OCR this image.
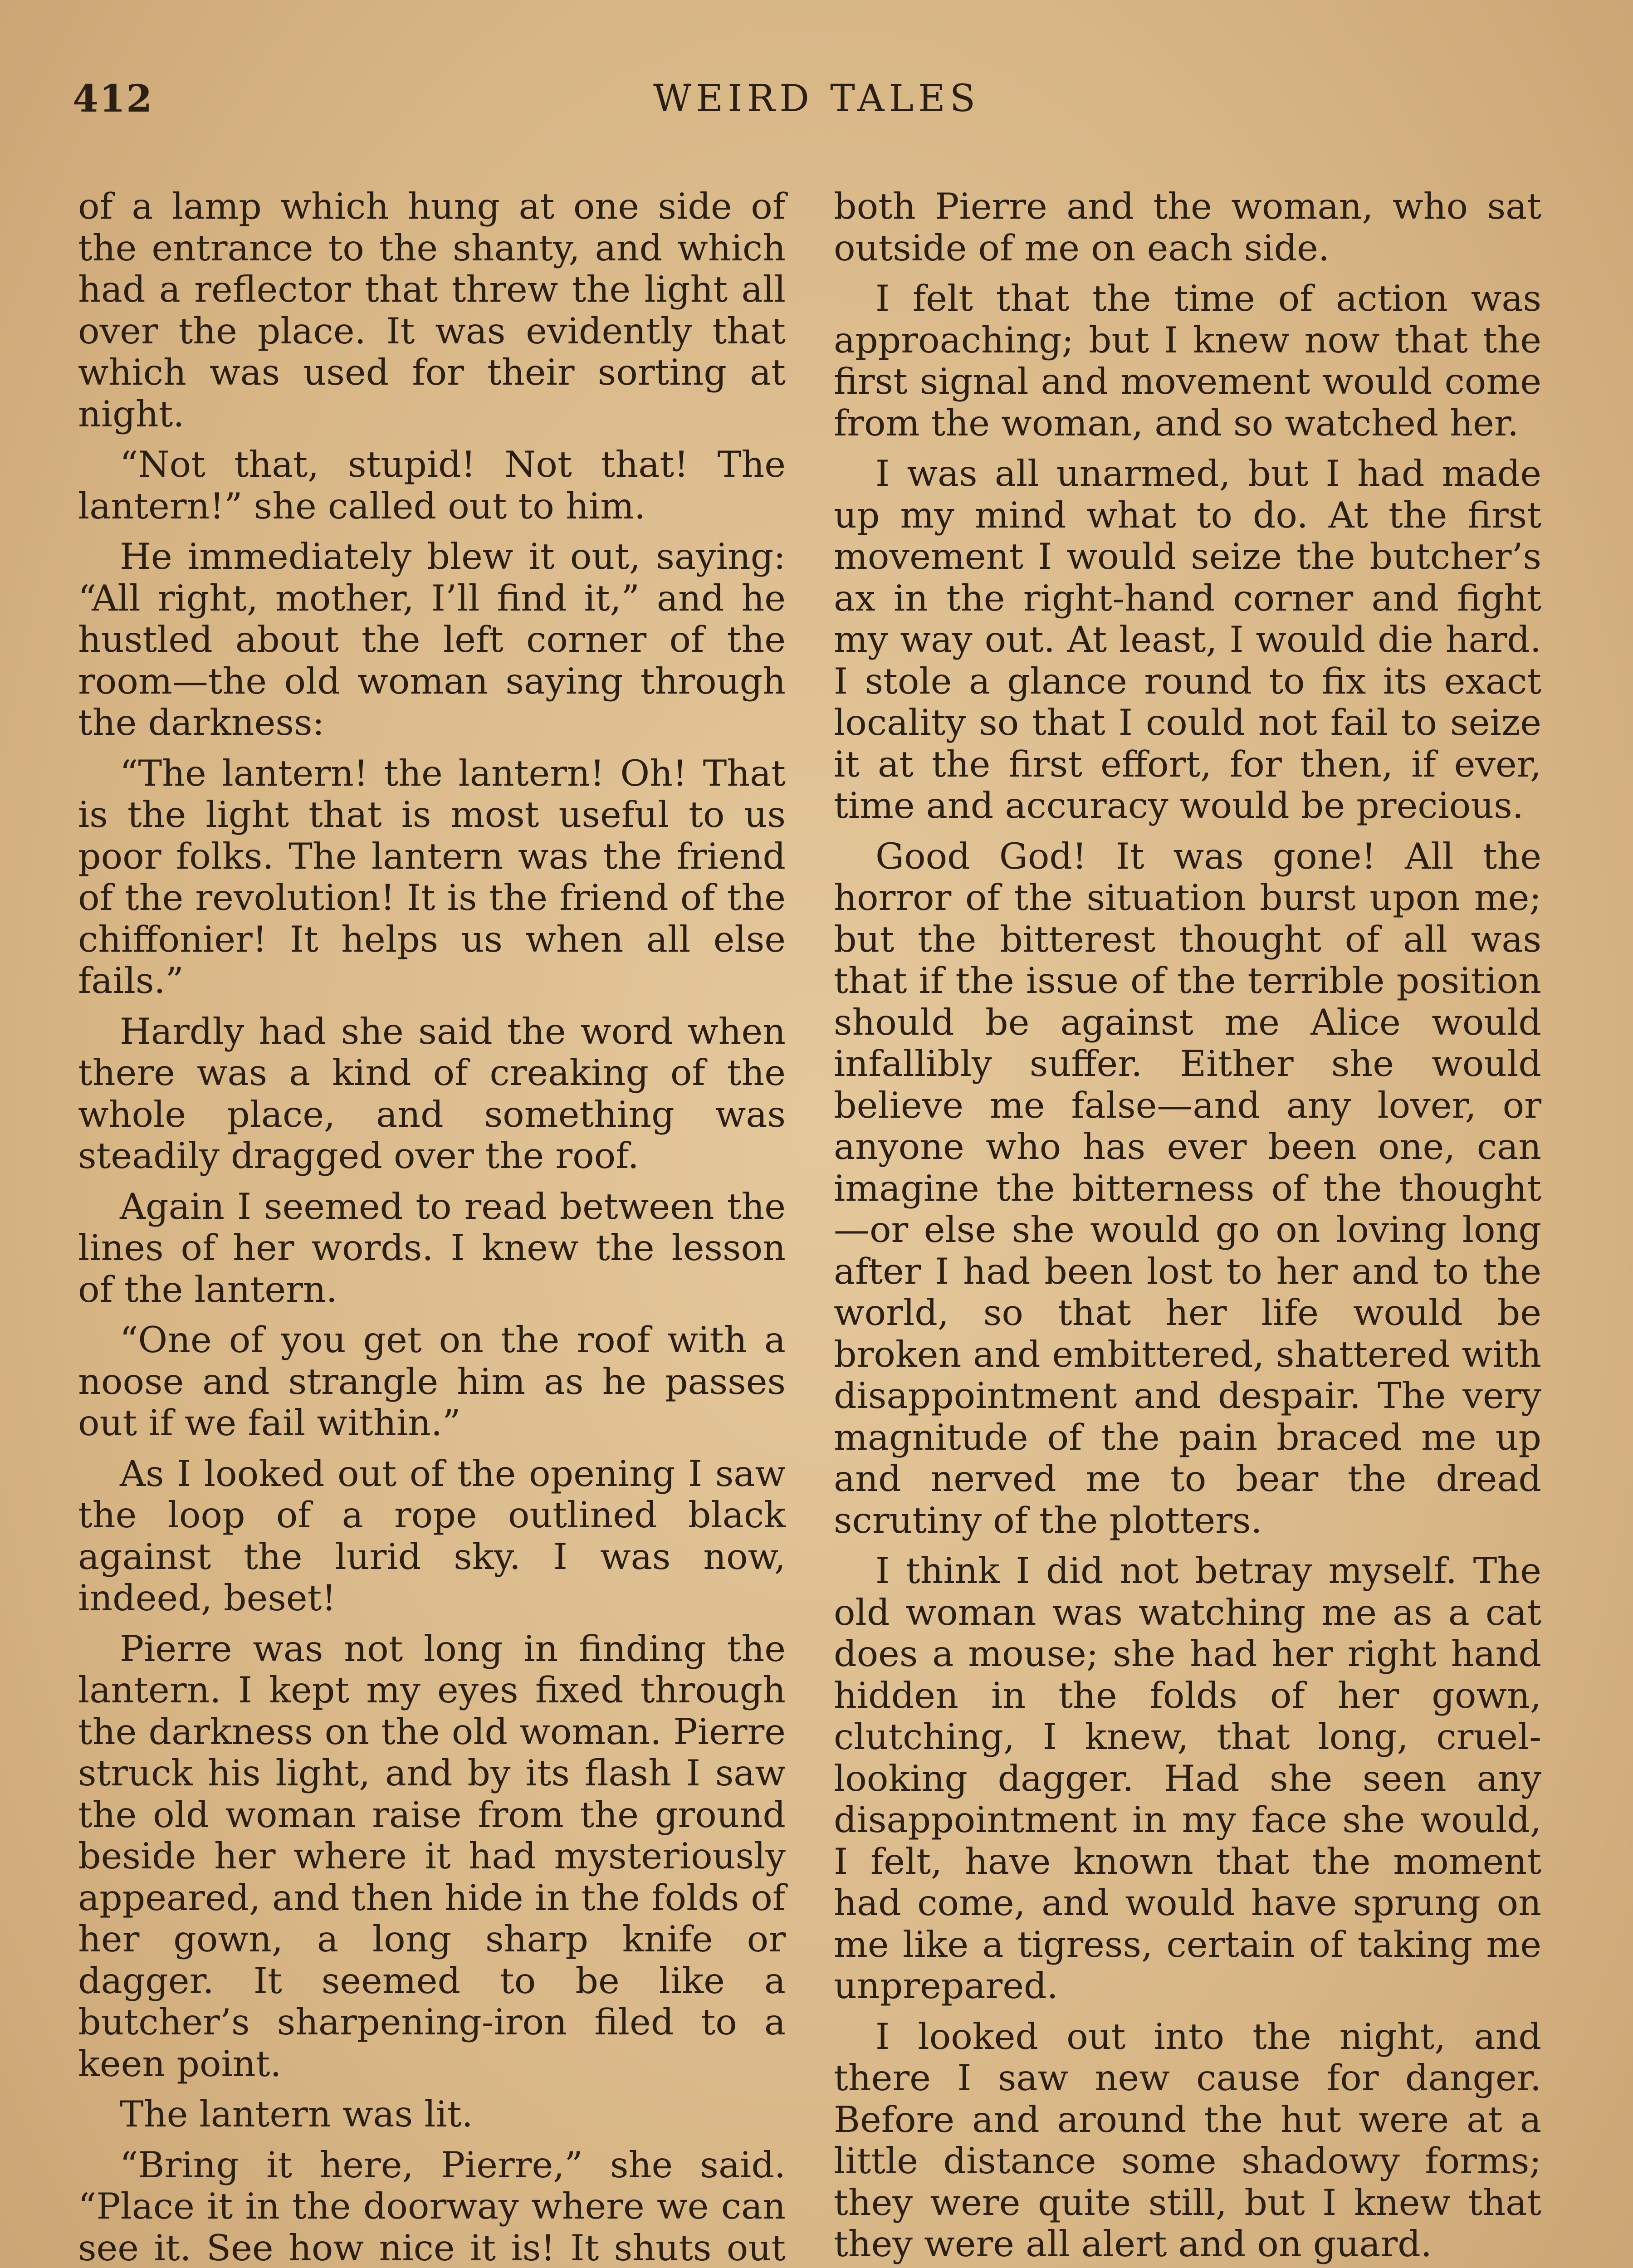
412	WEIRD TALES

of a lamp which hung at one side of the entrance to the shanty, and which had a reflector that threw the light all over the place. It was evidently that which was used for their sorting at night.

“Not that, stupid! Not that! The lantern!” she called out to him.

He immediately blew it out, saying: “All right, mother, I’ll find it,” and he hustled about the left corner of the room—the old woman saying through the darkness:

“The lantern! the lantern! Oh! That is the light that is most useful to us poor folks. The lantern was the friend of the revolution! It is the friend of the chiffonier! It helps us when all else fails.”

Hardly had she said the word when there was a kind of creaking of the whole place, and something was steadily dragged over the roof.

Again I seemed to read between the lines of her words. I knew the lesson of the lantern.

“One of you get on the roof with a noose and strangle him as he passes out if we fail within.”

As I looked out of the opening I saw the loop of a rope outlined black against the lurid sky. I was now, indeed, beset!

Pierre was not long in finding the lantern. I kept my eyes fixed through the darkness on the old woman. Pierre struck his light, and by its flash I saw the old woman raise from the ground beside her where it had mysteriously appeared, and then hide in the folds of her gown, a long sharp knife or dagger. It seemed to be like a butcher’s sharpening-iron filed to a keen point.

The lantern was lit.

“Bring it here, Pierre,” she said. “Place it in the doorway where we can see it. See how nice it is! It shuts out

both Pierre and the woman, who sat outside of me on each side.

I felt that the time of action was approaching; but I knew now that the first signal and movement would come from the woman, and so watched her.

I was all unarmed, but I had made up my mind what to do. At the first movement I would seize the butcher’s ax in the right-hand corner and fight my way out. At least, I would die hard. I stole a glance round to fix its exact locality so that I could not fail to seize it at the first effort, for then, if ever, time and accuracy would be precious.

Good God! It was gone! All the horror of the situation burst upon me; but the bitterest thought of all was that if the issue of the terrible position should be against me Alice would infallibly suffer. Either she would believe me false—and any lover, or anyone who has ever been one, can imagine the bitterness of the thought—or else she would go on loving long after I had been lost to her and to the world, so that her life would be broken and embittered, shattered with disappointment and despair. The very magnitude of the pain braced me up and nerved me to bear the dread scrutiny of the plotters.

I think I did not betray myself. The old woman was watching me as a cat does a mouse; she had her right hand hidden in the folds of her gown, clutching, I knew, that long, cruel-looking dagger. Had she seen any disappointment in my face she would, I felt, have known that the moment had come, and would have sprung on me like a tigress, certain of taking me unprepared.

I looked out into the night, and there I saw new cause for danger. Before and around the hut were at a little distance some shadowy forms; they were quite still, but I knew that they were all alert and on guard.
